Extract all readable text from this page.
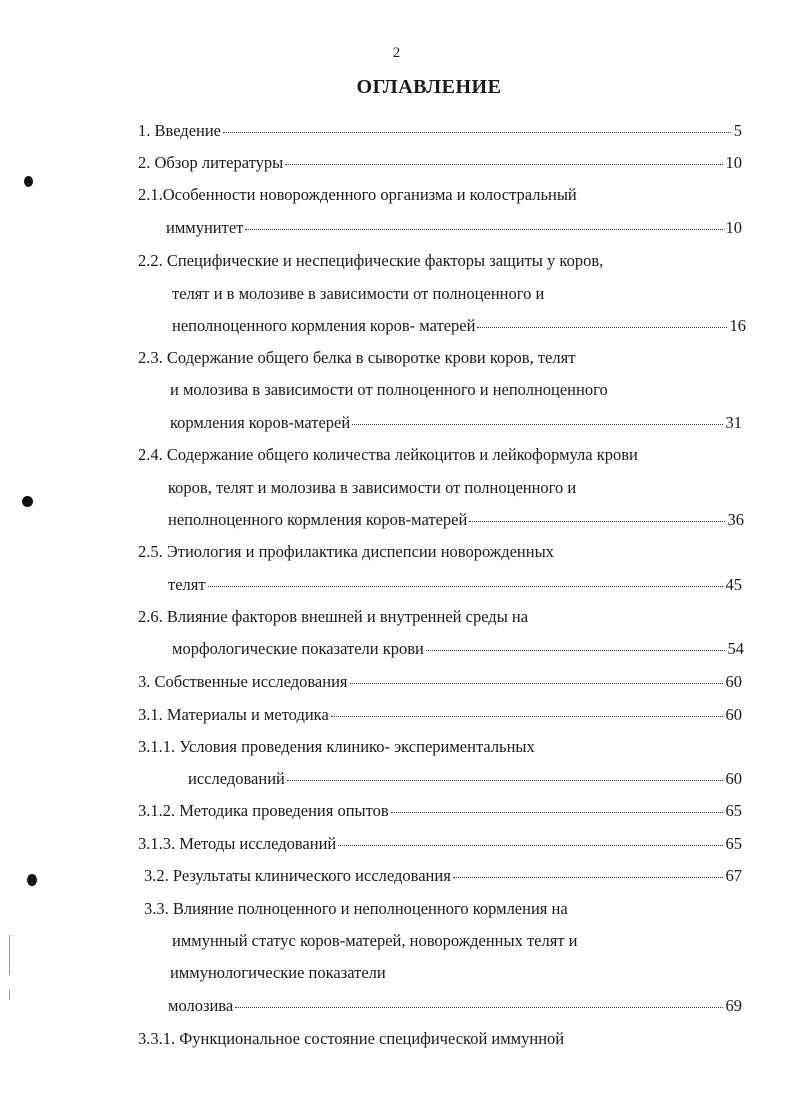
2
ОГЛАВЛЕНИЕ
1. Введение	5
2. Обзор литературы	10
2.1.Особенности новорожденного организма и колостральный
иммунитет	10
2.2. Специфические и неспецифические факторы защиты у коров,
телят и в молозиве в зависимости от полноценного и
неполноценного кормления коров- матерей	16
2.3. Содержание общего белка в сыворотке крови коров, телят
и молозива в зависимости от полноценного и неполноценного
кормления коров-матерей	31
2.4. Содержание общего количества лейкоцитов и лейкоформула крови
коров, телят и молозива в зависимости от полноценного и
неполноценного кормления коров-матерей	36
2.5. Этиология и профилактика диспепсии новорожденных
телят	45
2.6. Влияние факторов внешней и внутренней среды на
морфологические показатели крови	54
3. Собственные исследования	60
3.1. Материалы и методика	60
3.1.1. Условия проведения клинико- экспериментальных
исследований	60
3.1.2. Методика проведения опытов	65
3.1.3. Методы исследований	65
3.2. Результаты клинического исследования	67
3.3. Влияние полноценного и неполноценного кормления на
иммунный статус коров-матерей, новорожденных телят и
иммунологические показатели
молозива	69
3.3.1. Функциональное состояние специфической иммунной
